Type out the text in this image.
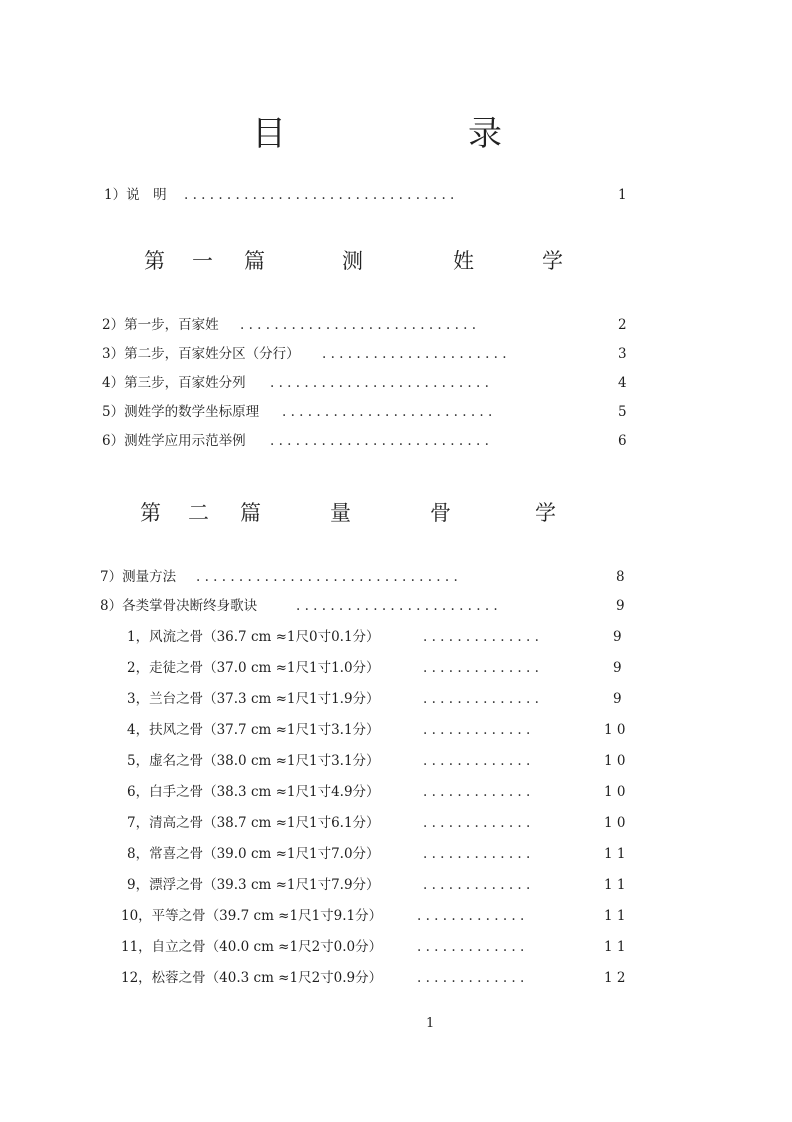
目	录
1）说　明 . . . . . . . . . . . . . . . . . . . . . . . . . . . . . . . .	1
第 一 篇	测	姓	学
2）第一步，百家姓 . . . . . . . . . . . . . . . . . . . . . . . . . . . .	2
3）第二步，百家姓分区（分行） . . . . . . . . . . . . . . . . . . . . . .	3
4）第三步，百家姓分列 . . . . . . . . . . . . . . . . . . . . . . . . . .	4
5）测姓学的数学坐标原理 . . . . . . . . . . . . . . . . . . . . . . . . .	5
6）测姓学应用示范举例 . . . . . . . . . . . . . . . . . . . . . . . . . .	6
第 二 篇	量	骨	学
7）测量方法 . . . . . . . . . . . . . . . . . . . . . . . . . . . . . . .	8
8）各类掌骨决断终身歌诀	. . . . . . . . . . . . . . . . . . . . . . . .	9
1，风流之骨（36.7 cm ≈1尺0寸0.1分）	. . . . . . . . . . . . . .	9
2，走徒之骨（37.0 cm ≈1尺1寸1.0分）	. . . . . . . . . . . . . .	9
3，兰台之骨（37.3 cm ≈1尺1寸1.9分）	. . . . . . . . . . . . . .	9
4，扶风之骨（37.7 cm ≈1尺1寸3.1分）	. . . . . . . . . . . . .	1 0
5，虚名之骨（38.0 cm ≈1尺1寸3.1分）	. . . . . . . . . . . . .	1 0
6，白手之骨（38.3 cm ≈1尺1寸4.9分）	. . . . . . . . . . . . .	1 0
7，清高之骨（38.7 cm ≈1尺1寸6.1分）	. . . . . . . . . . . . .	1 0
8，常喜之骨（39.0 cm ≈1尺1寸7.0分）	. . . . . . . . . . . . .	1 1
9，漂浮之骨（39.3 cm ≈1尺1寸7.9分）	. . . . . . . . . . . . .	1 1
10，平等之骨（39.7 cm ≈1尺1寸9.1分）	. . . . . . . . . . . . .	1 1
11，自立之骨（40.0 cm ≈1尺2寸0.0分）	. . . . . . . . . . . . .	1 1
12，松蓉之骨（40.3 cm ≈1尺2寸0.9分）	. . . . . . . . . . . . .	1 2
1
